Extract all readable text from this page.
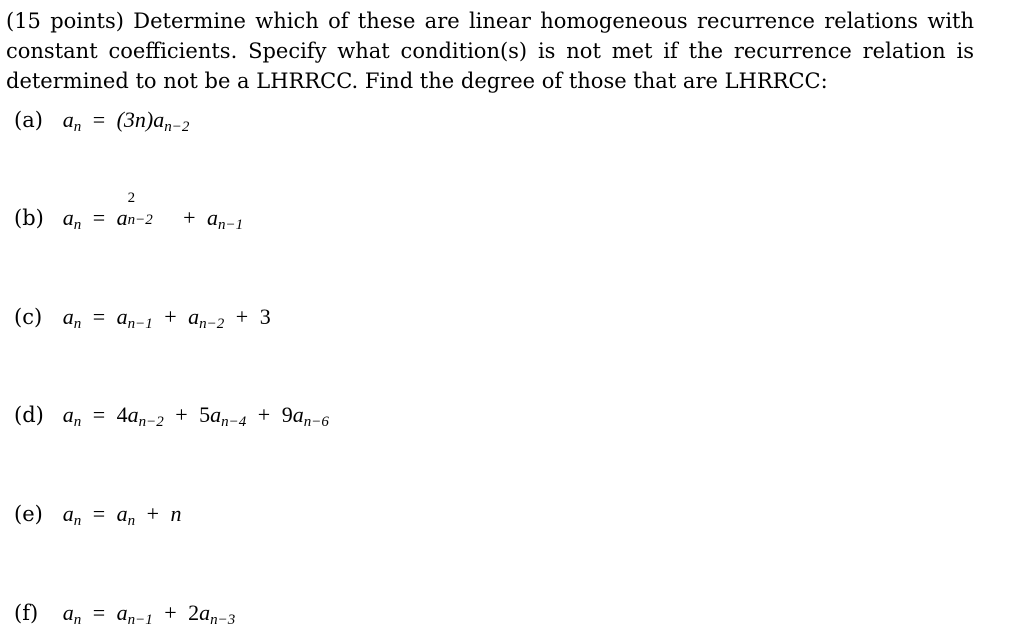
(15 points) Determine which of these are linear homogeneous recurrence relations with constant coefficients. Specify what condition(s) is not met if the recurrence relation is determined to not be a LHRRCC. Find the degree of those that are LHRRCC:

(a) $a_n = (3n)a_{n-2}$
(b) $a_n = a$
2
$n-2 + a_{n-1}$
(c) $a_n = a_{n-1} + a_{n-2} + 3$
(d) $a_n = 4a_{n-2} + 5a_{n-4} + 9a_{n-6}$
(e) $a_n = a_n + n$
(f) $a_n = a_{n-1} + 2a_{n-3}$
